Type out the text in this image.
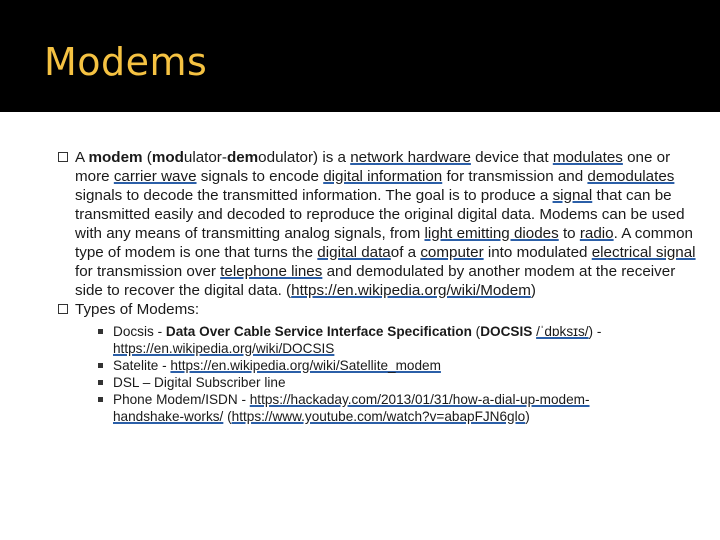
Modems
A modem (modulator-demodulator) is a network hardware device that modulates one or more carrier wave signals to encode digital information for transmission and demodulates signals to decode the transmitted information. The goal is to produce a signal that can be transmitted easily and decoded to reproduce the original digital data. Modems can be used with any means of transmitting analog signals, from light emitting diodes to radio. A common type of modem is one that turns the digital dataof a computer into modulated electrical signal for transmission over telephone lines and demodulated by another modem at the receiver side to recover the digital data. (https://en.wikipedia.org/wiki/Modem)
Types of Modems:
Docsis - Data Over Cable Service Interface Specification (DOCSIS /ˈdɒksɪs/) - https://en.wikipedia.org/wiki/DOCSIS
Satelite - https://en.wikipedia.org/wiki/Satellite_modem
DSL – Digital Subscriber line
Phone Modem/ISDN - https://hackaday.com/2013/01/31/how-a-dial-up-modem-handshake-works/ (https://www.youtube.com/watch?v=abapFJN6glo)
